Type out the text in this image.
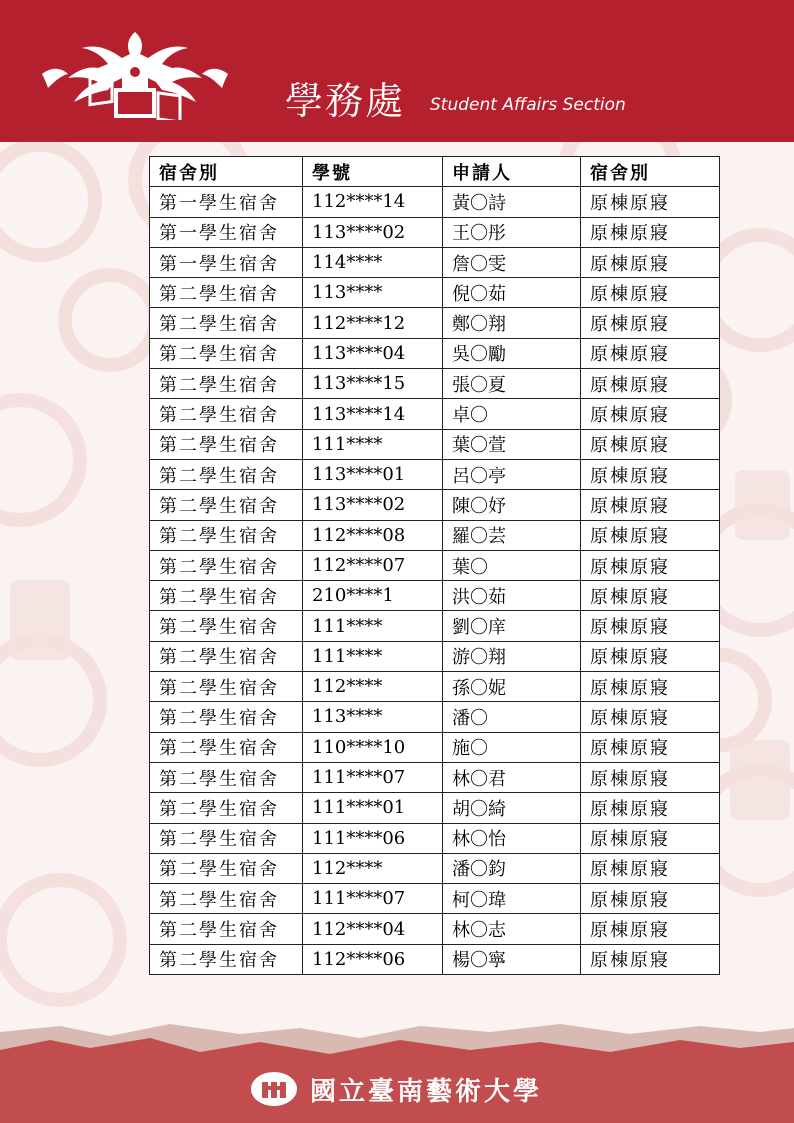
學務處 Student Affairs Section
宿舍別	學號	申請人	宿舍別
第一學生宿舍	112****14	黃〇詩	原棟原寢
第一學生宿舍	113****02	王〇彤	原棟原寢
第一學生宿舍	114****	詹〇雯	原棟原寢
第二學生宿舍	113****	倪〇茹	原棟原寢
第二學生宿舍	112****12	鄭〇翔	原棟原寢
第二學生宿舍	113****04	吳〇勵	原棟原寢
第二學生宿舍	113****15	張〇夏	原棟原寢
第二學生宿舍	113****14	卓〇	原棟原寢
第二學生宿舍	111****	葉〇萱	原棟原寢
第二學生宿舍	113****01	呂〇亭	原棟原寢
第二學生宿舍	113****02	陳〇妤	原棟原寢
第二學生宿舍	112****08	羅〇芸	原棟原寢
第二學生宿舍	112****07	葉〇	原棟原寢
第二學生宿舍	210****1	洪〇茹	原棟原寢
第二學生宿舍	111****	劉〇庠	原棟原寢
第二學生宿舍	111****	游〇翔	原棟原寢
第二學生宿舍	112****	孫〇妮	原棟原寢
第二學生宿舍	113****	潘〇	原棟原寢
第二學生宿舍	110****10	施〇	原棟原寢
第二學生宿舍	111****07	林〇君	原棟原寢
第二學生宿舍	111****01	胡〇綺	原棟原寢
第二學生宿舍	111****06	林〇怡	原棟原寢
第二學生宿舍	112****	潘〇鈞	原棟原寢
第二學生宿舍	111****07	柯〇瑋	原棟原寢
第二學生宿舍	112****04	林〇志	原棟原寢
第二學生宿舍	112****06	楊〇寧	原棟原寢
國立臺南藝術大學
